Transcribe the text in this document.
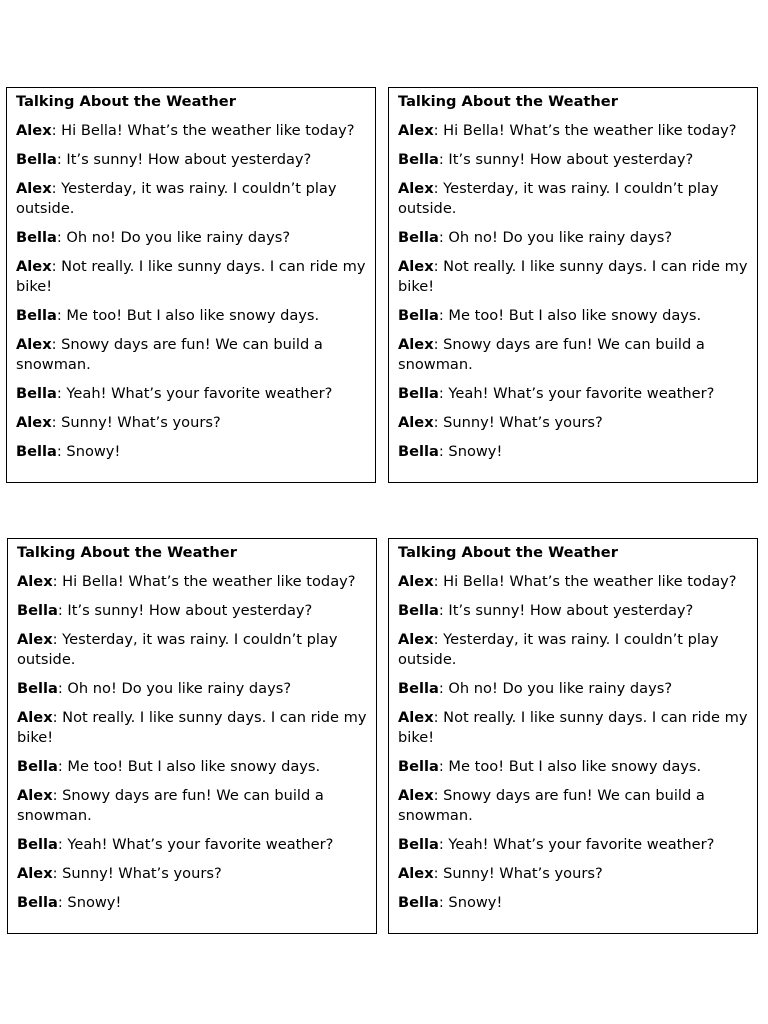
Talking About the Weather
Alex: Hi Bella! What’s the weather like today?
Bella: It’s sunny! How about yesterday?
Alex: Yesterday, it was rainy. I couldn’t play outside.
Bella: Oh no! Do you like rainy days?
Alex: Not really. I like sunny days. I can ride my bike!
Bella: Me too! But I also like snowy days.
Alex: Snowy days are fun! We can build a snowman.
Bella: Yeah! What’s your favorite weather?
Alex: Sunny! What’s yours?
Bella: Snowy!
Talking About the Weather
Alex: Hi Bella! What’s the weather like today?
Bella: It’s sunny! How about yesterday?
Alex: Yesterday, it was rainy. I couldn’t play outside.
Bella: Oh no! Do you like rainy days?
Alex: Not really. I like sunny days. I can ride my bike!
Bella: Me too! But I also like snowy days.
Alex: Snowy days are fun! We can build a snowman.
Bella: Yeah! What’s your favorite weather?
Alex: Sunny! What’s yours?
Bella: Snowy!
Talking About the Weather
Alex: Hi Bella! What’s the weather like today?
Bella: It’s sunny! How about yesterday?
Alex: Yesterday, it was rainy. I couldn’t play outside.
Bella: Oh no! Do you like rainy days?
Alex: Not really. I like sunny days. I can ride my bike!
Bella: Me too! But I also like snowy days.
Alex: Snowy days are fun! We can build a snowman.
Bella: Yeah! What’s your favorite weather?
Alex: Sunny! What’s yours?
Bella: Snowy!
Talking About the Weather
Alex: Hi Bella! What’s the weather like today?
Bella: It’s sunny! How about yesterday?
Alex: Yesterday, it was rainy. I couldn’t play outside.
Bella: Oh no! Do you like rainy days?
Alex: Not really. I like sunny days. I can ride my bike!
Bella: Me too! But I also like snowy days.
Alex: Snowy days are fun! We can build a snowman.
Bella: Yeah! What’s your favorite weather?
Alex: Sunny! What’s yours?
Bella: Snowy!
